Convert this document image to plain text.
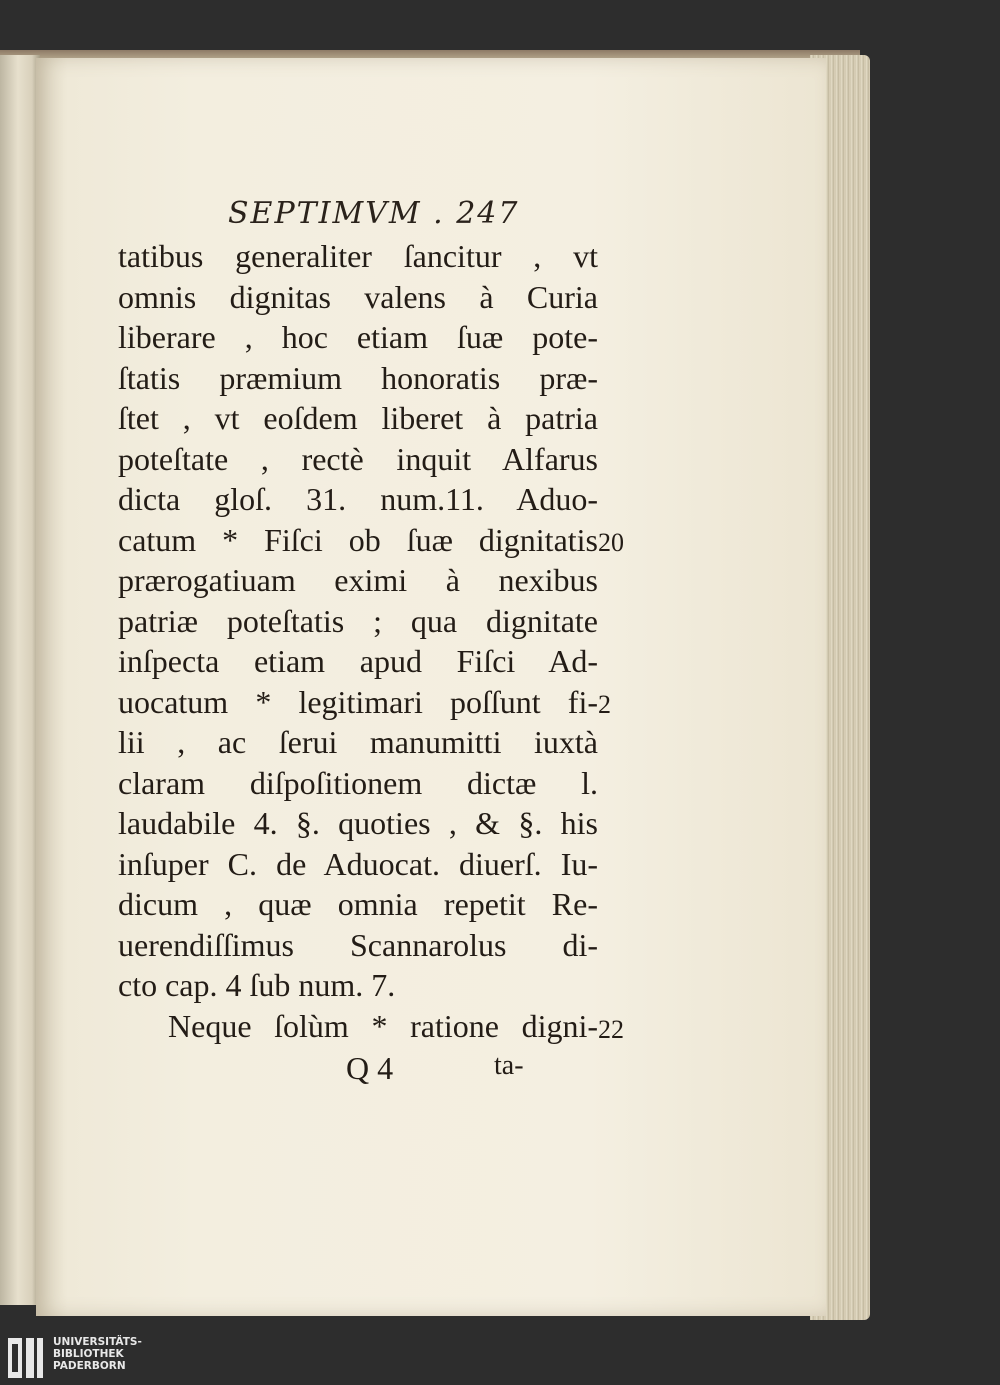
SEPTIMVM . 247
tatibus generaliter ſancitur , vt
omnis dignitas valens à Curia
liberare , hoc etiam ſuæ pote-
ſtatis præmium honoratis præ-
ſtet , vt eoſdem liberet à patria
poteſtate , rectè inquit Alfarus
dicta gloſ. 31. num.11. Aduo-
catum * Fiſci ob ſuæ dignitatis
prærogatiuam eximi à nexibus
patriæ poteſtatis ; qua dignitate
inſpecta etiam apud Fiſci Ad-
uocatum * legitimari poſſunt fi-
lii , ac ſerui manumitti iuxtà
claram diſpoſitionem dictæ l.
laudabile 4. §. quoties , & §. his
inſuper C. de Aduocat. diuerſ. Iu-
dicum , quæ omnia repetit Re-
uerendiſſimus Scannarolus di-
cto cap. 4 ſub num. 7.
Neque ſolùm * ratione digni-
20
2
22
Q 4	ta-
UNIVERSITÄTS-
BIBLIOTHEK
PADERBORN
